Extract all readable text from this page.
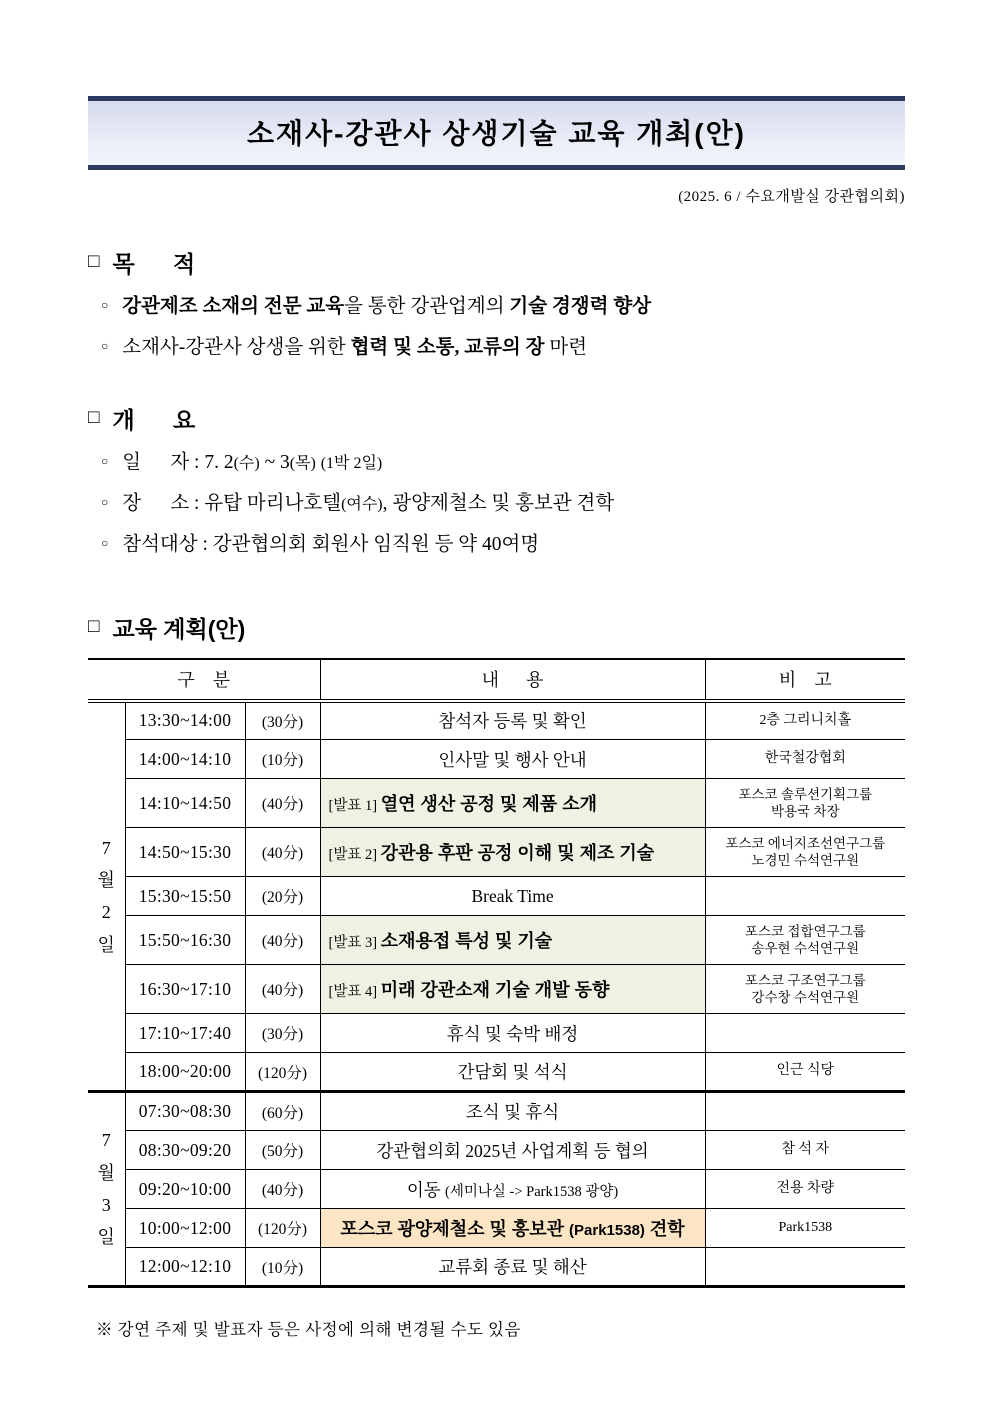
소재사-강관사 상생기술 교육 개최(안)
(2025. 6 / 수요개발실 강관협의회)
□ 목      적
○ 강관제조 소재의 전문 교육을 통한 강관업계의 기술 경쟁력 향상
○ 소재사-강관사 상생을 위한 협력 및 소통, 교류의 장 마련
□ 개      요
○ 일      자 : 7. 2(수) ~ 3(목) (1박 2일)
○ 장      소 : 유탑 마리나호텔(여수), 광양제철소 및 홍보관 견학
○ 참석대상 : 강관협의회 회원사 임직원 등 약 40여명
□ 교육 계획(안)
구    분			내      용	비    고
7월2일	13:30~14:00	(30分)	참석자 등록 및 확인	2층 그리니치홀

	14:00~14:10	(10分)	인사말 및 행사 안내	한국철강협회

	14:10~14:50	(40分)	[발표 1] 열연 생산 공정 및 제품 소개	포스코 솔루션기획그룹
박용국 차장

	14:50~15:30	(40分)	[발표 2] 강관용 후판 공정 이해 및 제조 기술	포스코 에너지조선연구그룹
노경민 수석연구원

	15:30~15:50	(20分)	Break Time	
	15:50~16:30	(40分)	[발표 3] 소재용접 특성 및 기술	포스코 접합연구그룹
송우현 수석연구원

	16:30~17:10	(40分)	[발표 4] 미래 강관소재 기술 개발 동향	포스코 구조연구그룹
강수창 수석연구원

	17:10~17:40	(30分)	휴식 및 숙박 배정	
	18:00~20:00	(120分)	간담회 및 석식	인근 식당

7월3일	07:30~08:30	(60分)	조식 및 휴식	
	08:30~09:20	(50分)	강관협의회 2025년 사업계획 등 협의	참 석 자

	09:20~10:00	(40分)	이동 (세미나실 -> Park1538 광양)	전용 차량

	10:00~12:00	(120分)	포스코 광양제철소 및 홍보관 (Park1538) 견학	Park1538

	12:00~12:10	(10分)	교류회 종료 및 해산	
※ 강연 주제 및 발표자 등은 사정에 의해 변경될 수도 있음
